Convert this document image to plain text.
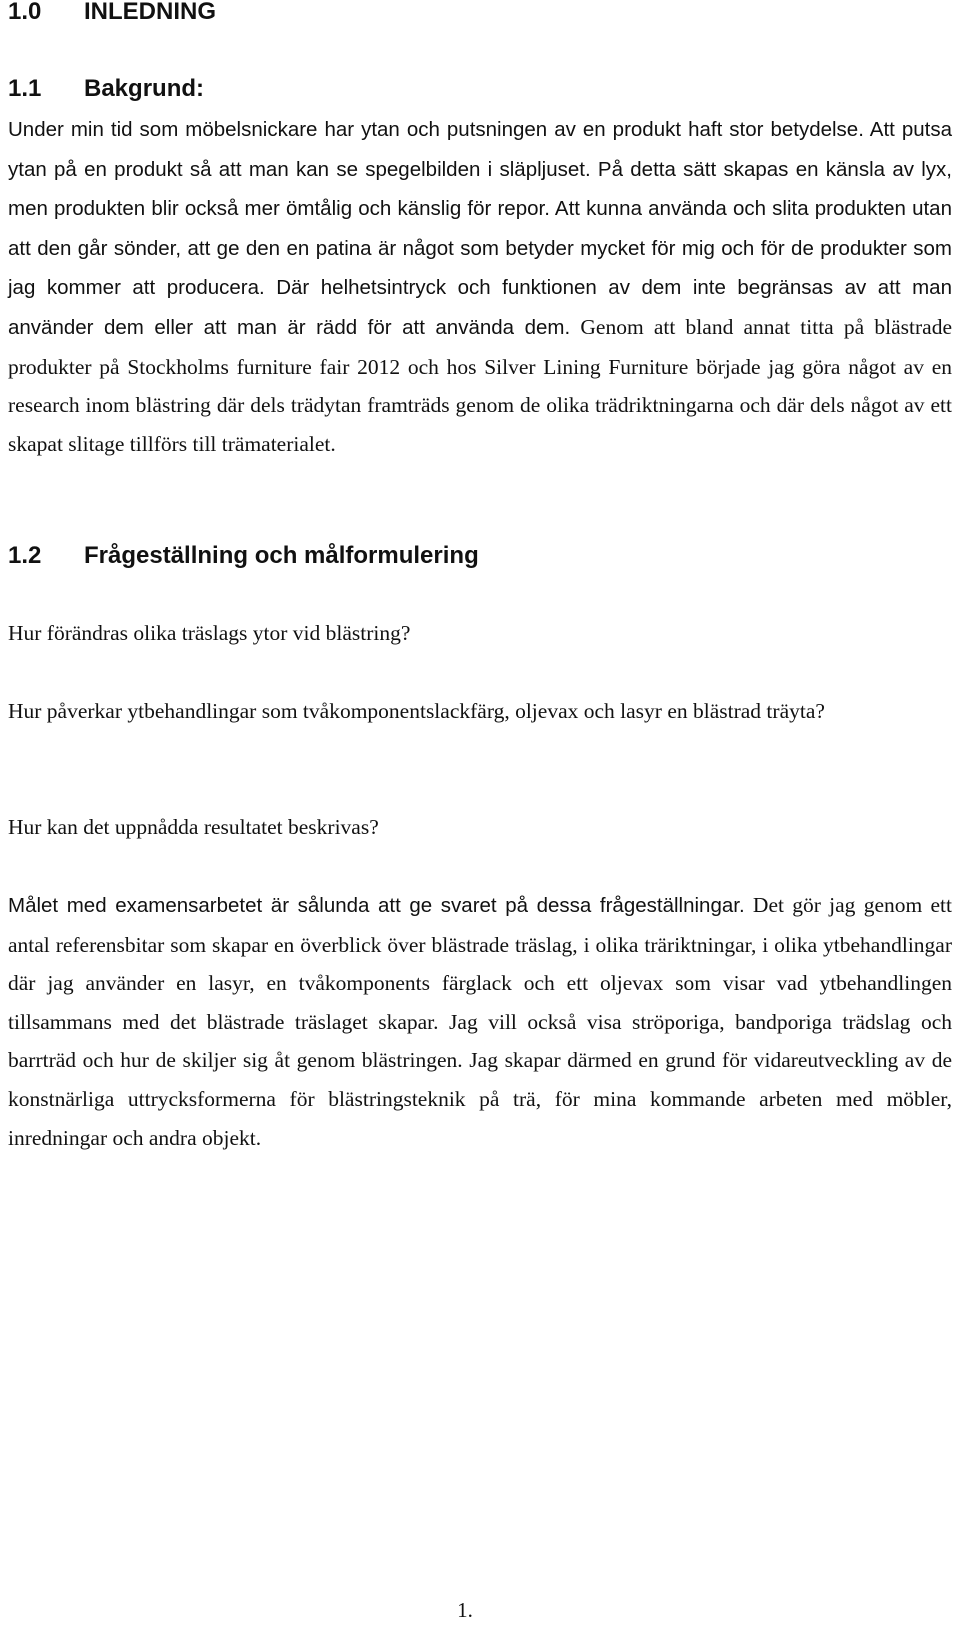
1.0 INLEDNING
1.1 Bakgrund:

Under min tid som möbelsnickare har ytan och putsningen av en produkt haft stor betydelse. Att putsa ytan på en produkt så att man kan se spegelbilden i släpljuset. På detta sätt skapas en känsla av lyx, men produkten blir också mer ömtålig och känslig för repor. Att kunna använda och slita produkten utan att den går sönder, att ge den en patina är något som betyder mycket för mig och för de produkter som jag kommer att producera. Där helhetsintryck och funktionen av dem inte begränsas av att man använder dem eller att man är rädd för att använda dem. Genom att bland annat titta på blästrade produkter på Stockholms furniture fair 2012 och hos Silver Lining Furniture började jag göra något av en research inom blästring där dels trädytan framträds genom de olika trädriktningarna och där dels något av ett skapat slitage tillförs till trämaterialet.

1.2 Frågeställning och målformulering

Hur förändras olika träslags ytor vid blästring?

Hur påverkar ytbehandlingar som tvåkomponentslackfärg, oljevax och lasyr en blästrad träyta?

Hur kan det uppnådda resultatet beskrivas?

Målet med examensarbetet är sålunda att ge svaret på dessa frågeställningar. Det gör jag genom ett antal referensbitar som skapar en överblick över blästrade träslag, i olika träriktningar, i olika ytbehandlingar där jag använder en lasyr, en tvåkomponents färglack och ett oljevax som visar vad ytbehandlingen tillsammans med det blästrade träslaget skapar. Jag vill också visa ströporiga, bandporiga trädslag och barrträd och hur de skiljer sig åt genom blästringen. Jag skapar därmed en grund för vidareutveckling av de konstnärliga uttrycksformerna för blästringsteknik på trä, för mina kommande arbeten med möbler, inredningar och andra objekt.

1.
